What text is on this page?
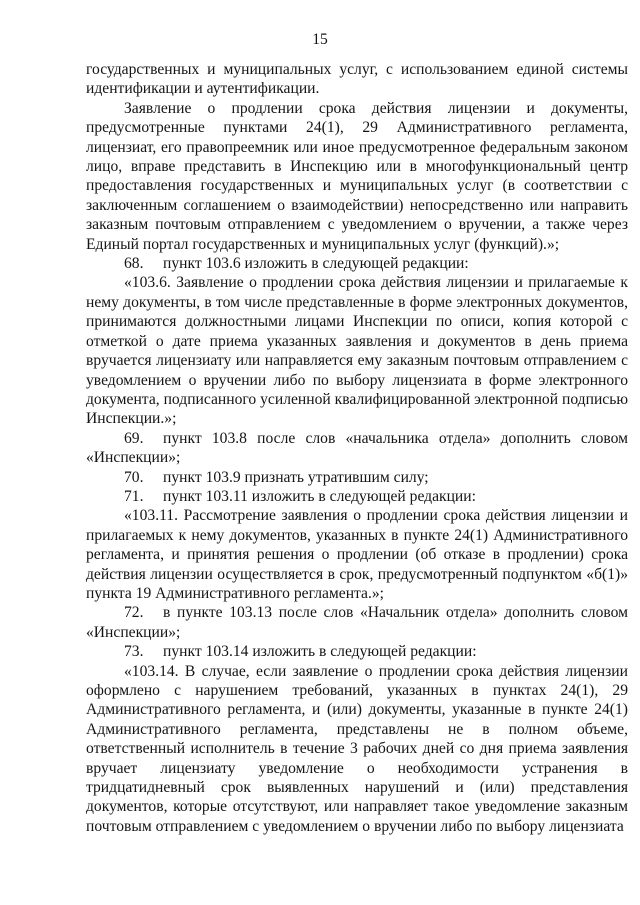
15

государственных и муниципальных услуг, с использованием единой системы идентификации и аутентификации.

Заявление о продлении срока действия лицензии и документы, предусмотренные пунктами 24(1), 29 Административного регламента, лицензиат, его правопреемник или иное предусмотренное федеральным законом лицо, вправе представить в Инспекцию или в многофункциональный центр предоставления государственных и муниципальных услуг (в соответствии с заключенным соглашением о взаимодействии) непосредственно или направить заказным почтовым отправлением с уведомлением о вручении, а также через Единый портал государственных и муниципальных услуг (функций).»;

68. пункт 103.6 изложить в следующей редакции:

«103.6. Заявление о продлении срока действия лицензии и прилагаемые к нему документы, в том числе представленные в форме электронных документов, принимаются должностными лицами Инспекции по описи, копия которой с отметкой о дате приема указанных заявления и документов в день приема вручается лицензиату или направляется ему заказным почтовым отправлением с уведомлением о вручении либо по выбору лицензиата в форме электронного документа, подписанного усиленной квалифицированной электронной подписью Инспекции.»;

69. пункт 103.8 после слов «начальника отдела» дополнить словом «Инспекции»;

70. пункт 103.9 признать утратившим силу;

71. пункт 103.11 изложить в следующей редакции:

«103.11. Рассмотрение заявления о продлении срока действия лицензии и прилагаемых к нему документов, указанных в пункте 24(1) Административного регламента, и принятия решения о продлении (об отказе в продлении) срока действия лицензии осуществляется в срок, предусмотренный подпунктом «б(1)» пункта 19 Административного регламента.»;

72. в пункте 103.13 после слов «Начальник отдела» дополнить словом «Инспекции»;

73. пункт 103.14 изложить в следующей редакции:

«103.14. В случае, если заявление о продлении срока действия лицензии оформлено с нарушением требований, указанных в пунктах 24(1), 29 Административного регламента, и (или) документы, указанные в пункте 24(1) Административного регламента, представлены не в полном объеме, ответственный исполнитель в течение 3 рабочих дней со дня приема заявления вручает лицензиату уведомление о необходимости устранения в тридцатидневный срок выявленных нарушений и (или) представления документов, которые отсутствуют, или направляет такое уведомление заказным почтовым отправлением с уведомлением о вручении либо по выбору лицензиата
